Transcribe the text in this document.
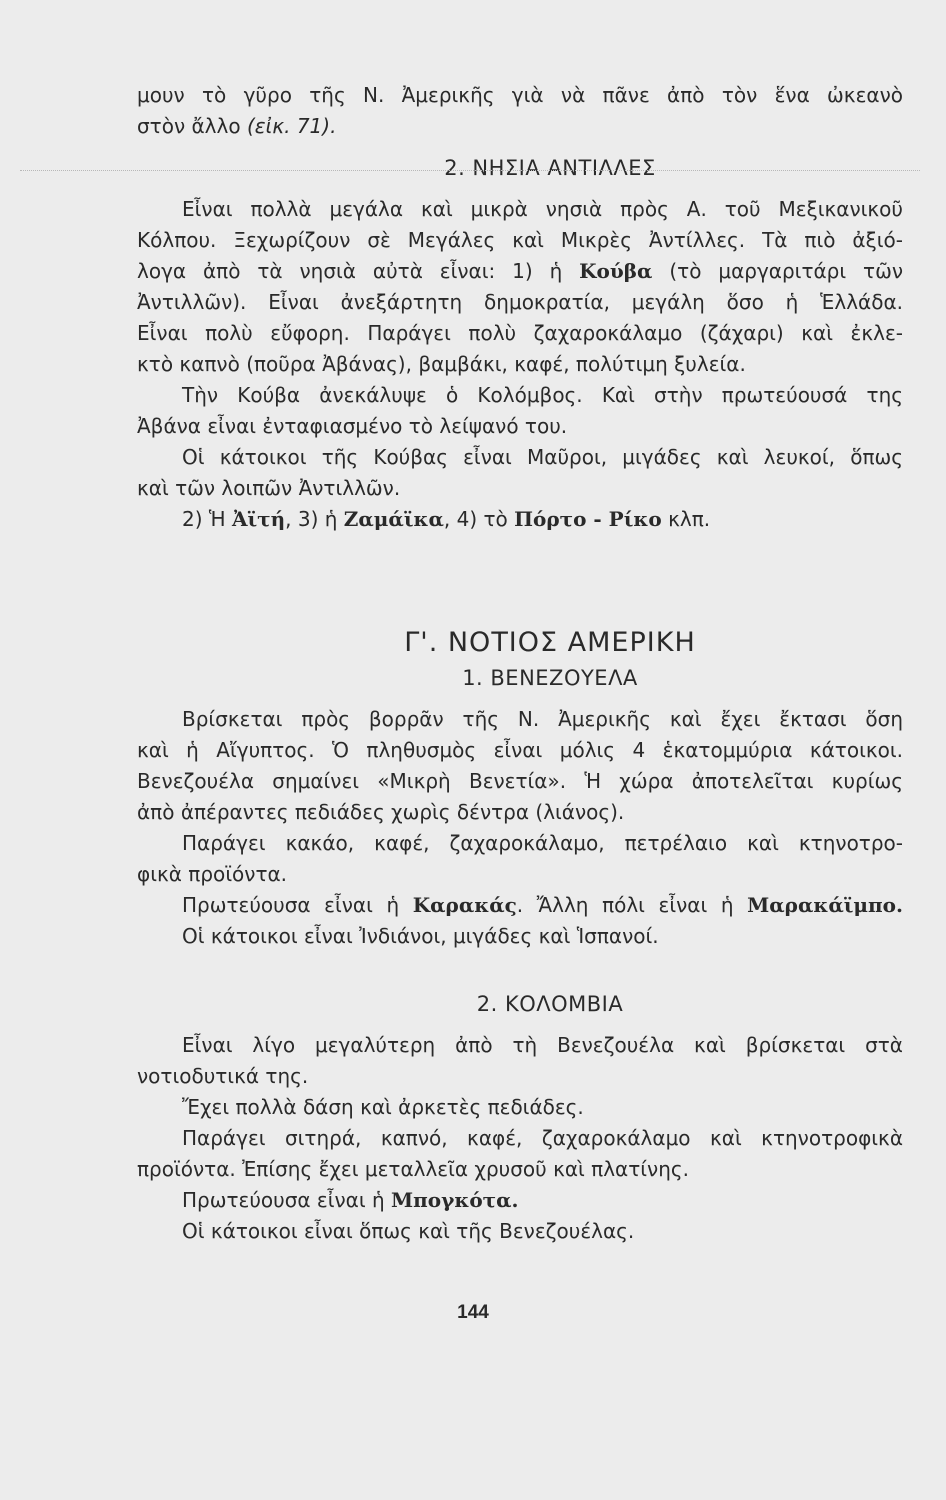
μουν τὸ γῦρο τῆς Ν. Ἀμερικῆς γιὰ νὰ πᾶνε ἀπὸ τὸν ἕνα ὠκεανὸ
στὸν ἄλλο (εἰκ. 71).
2. ΝΗΣΙΑ ΑΝΤΙΛΛΕΣ
Εἶναι πολλὰ μεγάλα καὶ μικρὰ νησιὰ πρὸς Α. τοῦ Μεξικανικοῦ
Κόλπου. Ξεχωρίζουν σὲ Μεγάλες καὶ Μικρὲς Ἀντίλλες. Τὰ πιὸ ἀξιό-
λογα ἀπὸ τὰ νησιὰ αὐτὰ εἶναι: 1) ἡ Κούβα (τὸ μαργαριτάρι τῶν
Ἀντιλλῶν). Εἶναι ἀνεξάρτητη δημοκρατία, μεγάλη ὅσο ἡ Ἑλλάδα.
Εἶναι πολὺ εὔφορη. Παράγει πολὺ ζαχαροκάλαμο (ζάχαρι) καὶ ἐκλε-
κτὸ καπνὸ (ποῦρα Ἀβάνας), βαμβάκι, καφέ, πολύτιμη ξυλεία.
Τὴν Κούβα ἀνεκάλυψε ὁ Κολόμβος. Καὶ στὴν πρωτεύουσά της
Ἀβάνα εἶναι ἐνταφιασμένο τὸ λείψανό του.
Οἱ κάτοικοι τῆς Κούβας εἶναι Μαῦροι, μιγάδες καὶ λευκοί, ὅπως
καὶ τῶν λοιπῶν Ἀντιλλῶν.
2) Ἡ Ἀϊτή, 3) ἡ Ζαμάϊκα, 4) τὸ Πόρτο - Ρίκο κλπ.
Γ'. ΝΟΤΙΟΣ ΑΜΕΡΙΚΗ
1. ΒΕΝΕΖΟΥΕΛΑ
Βρίσκεται πρὸς βορρᾶν τῆς Ν. Ἀμερικῆς καὶ ἔχει ἔκτασι ὅση
καὶ ἡ Αἴγυπτος. Ὁ πληθυσμὸς εἶναι μόλις 4 ἑκατομμύρια κάτοικοι.
Βενεζουέλα σημαίνει «Μικρὴ Βενετία». Ἡ χώρα ἀποτελεῖται κυρίως
ἀπὸ ἀπέραντες πεδιάδες χωρὶς δέντρα (λιάνος).
Παράγει κακάο, καφέ, ζαχαροκάλαμο, πετρέλαιο καὶ κτηνοτρο-
φικὰ προϊόντα.
Πρωτεύουσα εἶναι ἡ Καρακάς. Ἄλλη πόλι εἶναι ἡ Μαρακάϊμπο.
Οἱ κάτοικοι εἶναι Ἰνδιάνοι, μιγάδες καὶ Ἱσπανοί.
2. ΚΟΛΟΜΒΙΑ
Εἶναι λίγο μεγαλύτερη ἀπὸ τὴ Βενεζουέλα καὶ βρίσκεται στὰ
νοτιοδυτικά της.
Ἔχει πολλὰ δάση καὶ ἀρκετὲς πεδιάδες.
Παράγει σιτηρά, καπνό, καφέ, ζαχαροκάλαμο καὶ κτηνοτροφικὰ
προϊόντα. Ἐπίσης ἔχει μεταλλεῖα χρυσοῦ καὶ πλατίνης.
Πρωτεύουσα εἶναι ἡ Μπογκότα.
Οἱ κάτοικοι εἶναι ὅπως καὶ τῆς Βενεζουέλας.
144
